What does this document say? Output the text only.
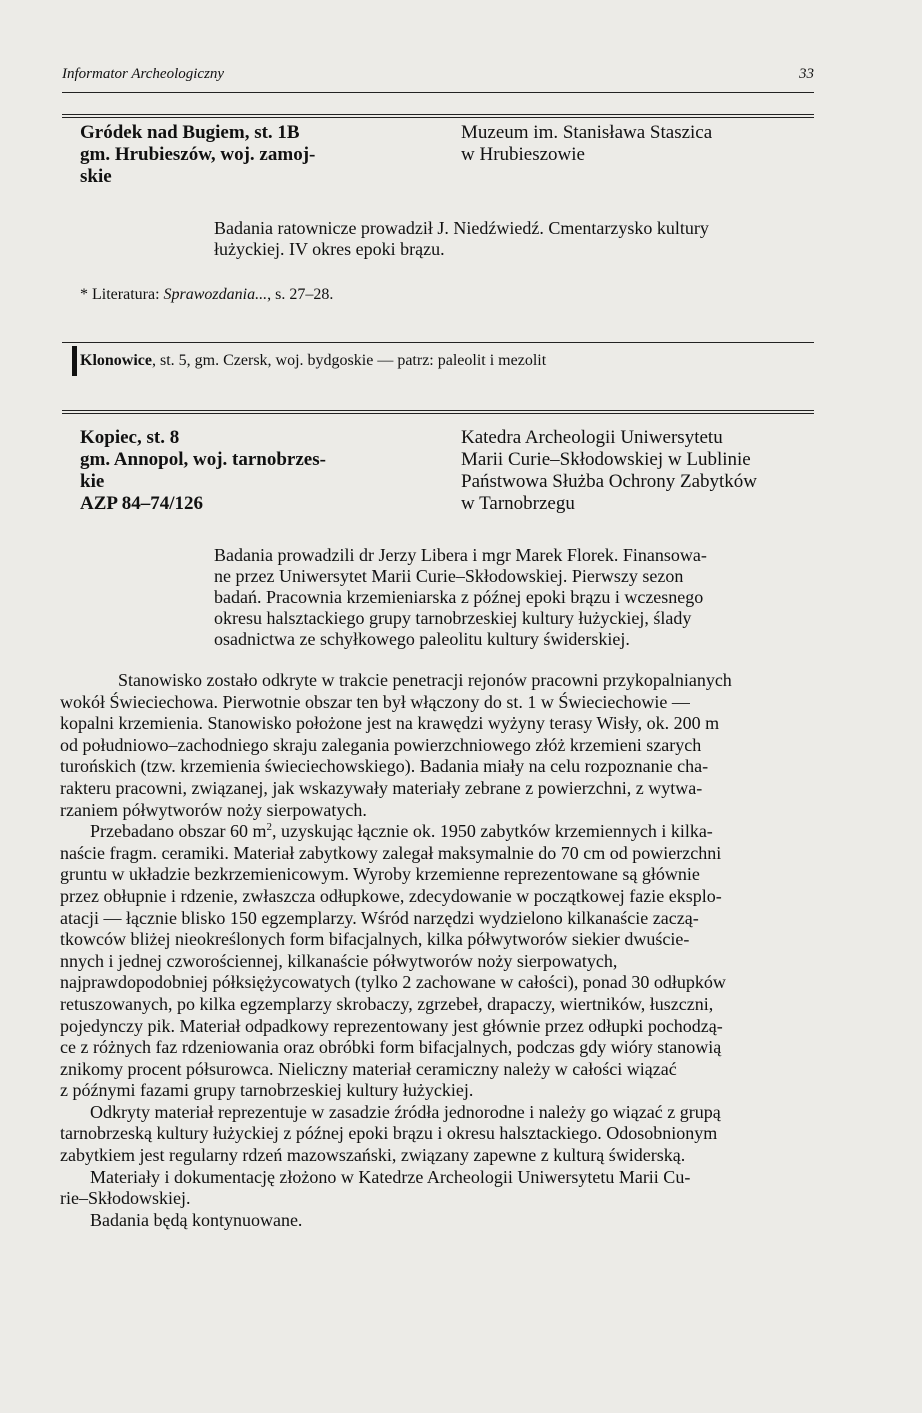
Informator Archeologiczny	33
Gródek nad Bugiem, st. 1B
gm. Hrubieszów, woj. zamoj-
skie
Muzeum im. Stanisława Staszica
w Hrubieszowie
Badania ratownicze prowadził J. Niedźwiedź. Cmentarzysko kultury
łużyckiej. IV okres epoki brązu.
* Literatura: Sprawozdania..., s. 27–28.
Klonowice, st. 5, gm. Czersk, woj. bydgoskie — patrz: paleolit i mezolit
Kopiec, st. 8
gm. Annopol, woj. tarnobrzes-
kie
AZP 84–74/126
Katedra Archeologii Uniwersytetu
Marii Curie–Skłodowskiej w Lublinie
Państwowa Służba Ochrony Zabytków
w Tarnobrzegu
Badania prowadzili dr Jerzy Libera i mgr Marek Florek. Finansowa-
ne przez Uniwersytet Marii Curie–Skłodowskiej. Pierwszy sezon
badań. Pracownia krzemieniarska z późnej epoki brązu i wczesnego
okresu halsztackiego grupy tarnobrzeskiej kultury łużyckiej, ślady
osadnictwa ze schyłkowego paleolitu kultury świderskiej.
Stanowisko zostało odkryte w trakcie penetracji rejonów pracowni przykopalnianych
wokół Świeciechowa. Pierwotnie obszar ten był włączony do st. 1 w Świeciechowie —
kopalni krzemienia. Stanowisko położone jest na krawędzi wyżyny terasy Wisły, ok. 200 m
od południowo–zachodniego skraju zalegania powierzchniowego złóż krzemieni szarych
turońskich (tzw. krzemienia świeciechowskiego). Badania miały na celu rozpoznanie cha-
rakteru pracowni, związanej, jak wskazywały materiały zebrane z powierzchni, z wytwa-
rzaniem półwytworów noży sierpowatych.
Przebadano obszar 60 $m^2$, uzyskując łącznie ok. 1950 zabytków krzemiennych i kilka-
naście fragm. ceramiki. Materiał zabytkowy zalegał maksymalnie do 70 cm od powierzchni
gruntu w układzie bezkrzemienicowym. Wyroby krzemienne reprezentowane są głównie
przez obłupnie i rdzenie, zwłaszcza odłupkowe, zdecydowanie w początkowej fazie eksplo-
atacji — łącznie blisko 150 egzemplarzy. Wśród narzędzi wydzielono kilkanaście zaczą-
tkowców bliżej nieokreślonych form bifacjalnych, kilka półwytworów siekier dwuście-
nnych i jednej czworościennej, kilkanaście półwytworów noży sierpowatych,
najprawdopodobniej półksiężycowatych (tylko 2 zachowane w całości), ponad 30 odłupków
retuszowanych, po kilka egzemplarzy skrobaczy, zgrzebeł, drapaczy, wiertników, łuszczni,
pojedynczy pik. Materiał odpadkowy reprezentowany jest głównie przez odłupki pochodzą-
ce z różnych faz rdzeniowania oraz obróbki form bifacjalnych, podczas gdy wióry stanowią
znikomy procent półsurowca. Nieliczny materiał ceramiczny należy w całości wiązać
z późnymi fazami grupy tarnobrzeskiej kultury łużyckiej.
Odkryty materiał reprezentuje w zasadzie źródła jednorodne i należy go wiązać z grupą
tarnobrzeską kultury łużyckiej z późnej epoki brązu i okresu halsztackiego. Odosobnionym
zabytkiem jest regularny rdzeń mazowszański, związany zapewne z kulturą świderską.
Materiały i dokumentację złożono w Katedrze Archeologii Uniwersytetu Marii Cu-
rie–Skłodowskiej.
Badania będą kontynuowane.
